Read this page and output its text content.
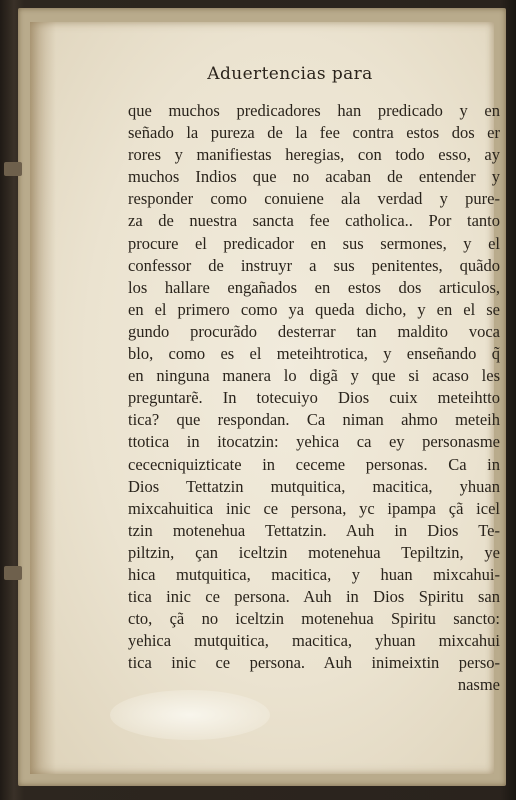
Aduertencias para
que muchos predicadores han predicado y en
señado la pureza de la fee contra estos dos er
rores y manifiestas heregias, con todo esso, ay
muchos Indios que no acaban de entender y
responder como conuiene ala verdad y pure-
za de nuestra sancta fee catholica.. Por tanto
procure el predicador en sus sermones, y el
confessor de instruyr a sus penitentes, quãdo
los hallare engañados en estos dos articulos,
en el primero como ya queda dicho, y en el se
gundo procurãdo desterrar tan maldito voca
blo, como es el meteihtrotica, y enseñando q̃
en ninguna manera lo digã y que si acaso les
preguntarẽ. In totecuiyo Dios cuix meteihtto
tica? que respondan. Ca niman ahmo meteih
ttotica in itocatzin: yehica ca ey personasme
cececniquizticate in ceceme personas. Ca in
Dios Tettatzin mutquitica, macitica, yhuan
mixcahuitica inic ce persona, yc ipampa çã icel
tzin motenehua Tettatzin. Auh in Dios Te-
piltzin, çan iceltzin motenehua Tepiltzin, ye
hica mutquitica, macitica, y huan mixcahui-
tica inic ce persona. Auh in Dios Spiritu san
cto, çã no iceltzin motenehua Spiritu sancto:
yehica mutquitica, macitica, yhuan mixcahui
tica inic ce persona. Auh inimeixtin perso-
nasme
